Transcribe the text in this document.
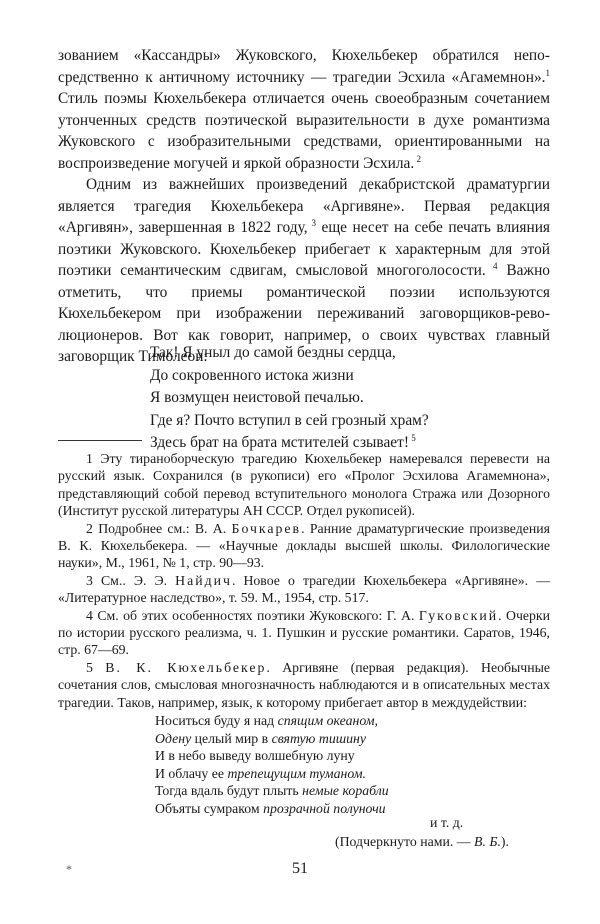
зованием «Кассандры» Жуковского, Кюхельбекер обратился непосредственно к античному источнику — трагедии Эсхила «Агамемнон».$^1$ Стиль поэмы Кюхельбекера отличается очень своеобразным сочетанием утонченных средств поэтической выразительности в духе романтизма Жуковского с изобразительными средствами, ориентированными на воспроизведение могучей и яркой образности Эсхила. $^2$

Одним из важнейших произведений декабристской драматургии является трагедия Кюхельбекера «Аргивяне». Первая редакция «Аргивян», завершенная в 1822 году, $^3$ еще несет на себе печать влияния поэтики Жуковского. Кюхельбекер прибегает к характерным для этой поэтики семантическим сдвигам, смысловой многоголосости. $^4$ Важно отметить, что приемы романтической поэзии используются Кюхельбекером при изображении переживаний заговорщиков-революционеров. Вот как говорит, например, о своих чувствах главный заговорщик Тимолеон:

Так! Я уныл до самой бездны сердца,
До сокровенного истока жизни
Я возмущен неистовой печалью.
Где я? Почто вступил в сей грозный храм?
Здесь брат на брата мстителей сзывает! $^5$

1 Эту тираноборческую трагедию Кюхельбекер намеревался перевести на русский язык. Сохранился (в рукописи) его «Пролог Эсхилова Агамемнона», представляющий собой перевод вступительного монолога Стража или Дозорного (Институт русской литературы АН СССР. Отдел рукописей).

2 Подробнее см.: В. А. Бочкарев. Ранние драматургические произведения В. К. Кюхельбекера. — «Научные доклады высшей школы. Филологические науки», М., 1961, № 1, стр. 90—93.

3 См.. Э. Э. Найдич. Новое о трагедии Кюхельбекера «Аргивяне». — «Литературное наследство», т. 59. М., 1954, стр. 517.

4 См. об этих особенностях поэтики Жуковского: Г. А. Гуковский. Очерки по истории русского реализма, ч. 1. Пушкин и русские романтики. Саратов, 1946, стр. 67—69.

5 В. К. Кюхельбекер. Аргивяне (первая редакция). Необычные сочетания слов, смысловая многозначность наблюдаются и в описательных местах трагедии. Таков, например, язык, к которому прибегает автор в междудействии:

Носиться буду я над спящим океаном,
Одену целый мир в святую тишину
И в небо выведу волшебную луну
И облачу ее трепещущим туманом.
Тогда вдаль будут плыть немые корабли
Объяты сумраком прозрачной полуночи
и т. д.
(Подчеркнуто нами. — В. Б.).
*	51
